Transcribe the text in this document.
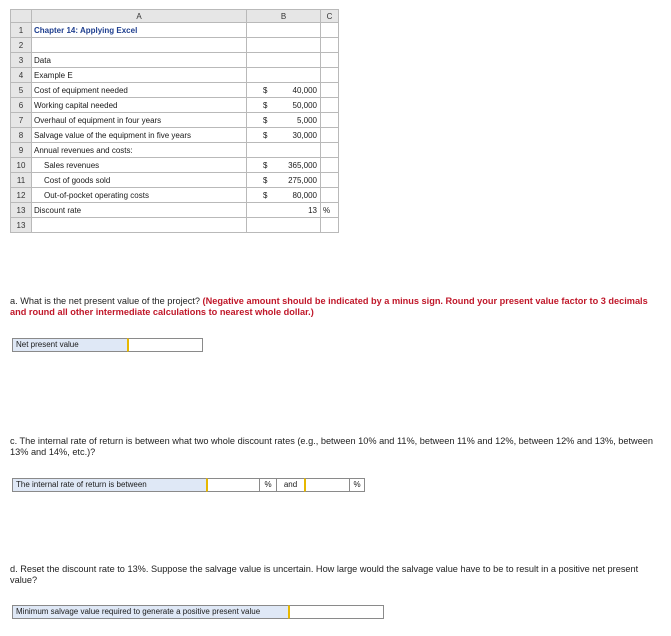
	A	B		C
1	Chapter 14: Applying Excel			
2				
3	Data			
4	Example E			
5	Cost of equipment needed	$	40,000	
6	Working capital needed	$	50,000	
7	Overhaul of equipment in four years	$	5,000	
8	Salvage value of the equipment in five years	$	30,000	
9	Annual revenues and costs:			
10	Sales revenues	$	365,000	
11	Cost of goods sold	$	275,000	
12	Out-of-pocket operating costs	$	80,000	
13	Discount rate	13		%
13				
a. What is the net present value of the project? (Negative amount should be indicated by a minus sign. Round your present value factor to 3 decimals and round all other intermediate calculations to nearest whole dollar.)
Net present value
c. The internal rate of return is between what two whole discount rates (e.g., between 10% and 11%, between 11% and 12%, between 12% and 13%, between 13% and 14%, etc.)?
The internal rate of return is between	%	and	%
d. Reset the discount rate to 13%. Suppose the salvage value is uncertain. How large would the salvage value have to be to result in a positive net present value?
Minimum salvage value required to generate a positive present value
